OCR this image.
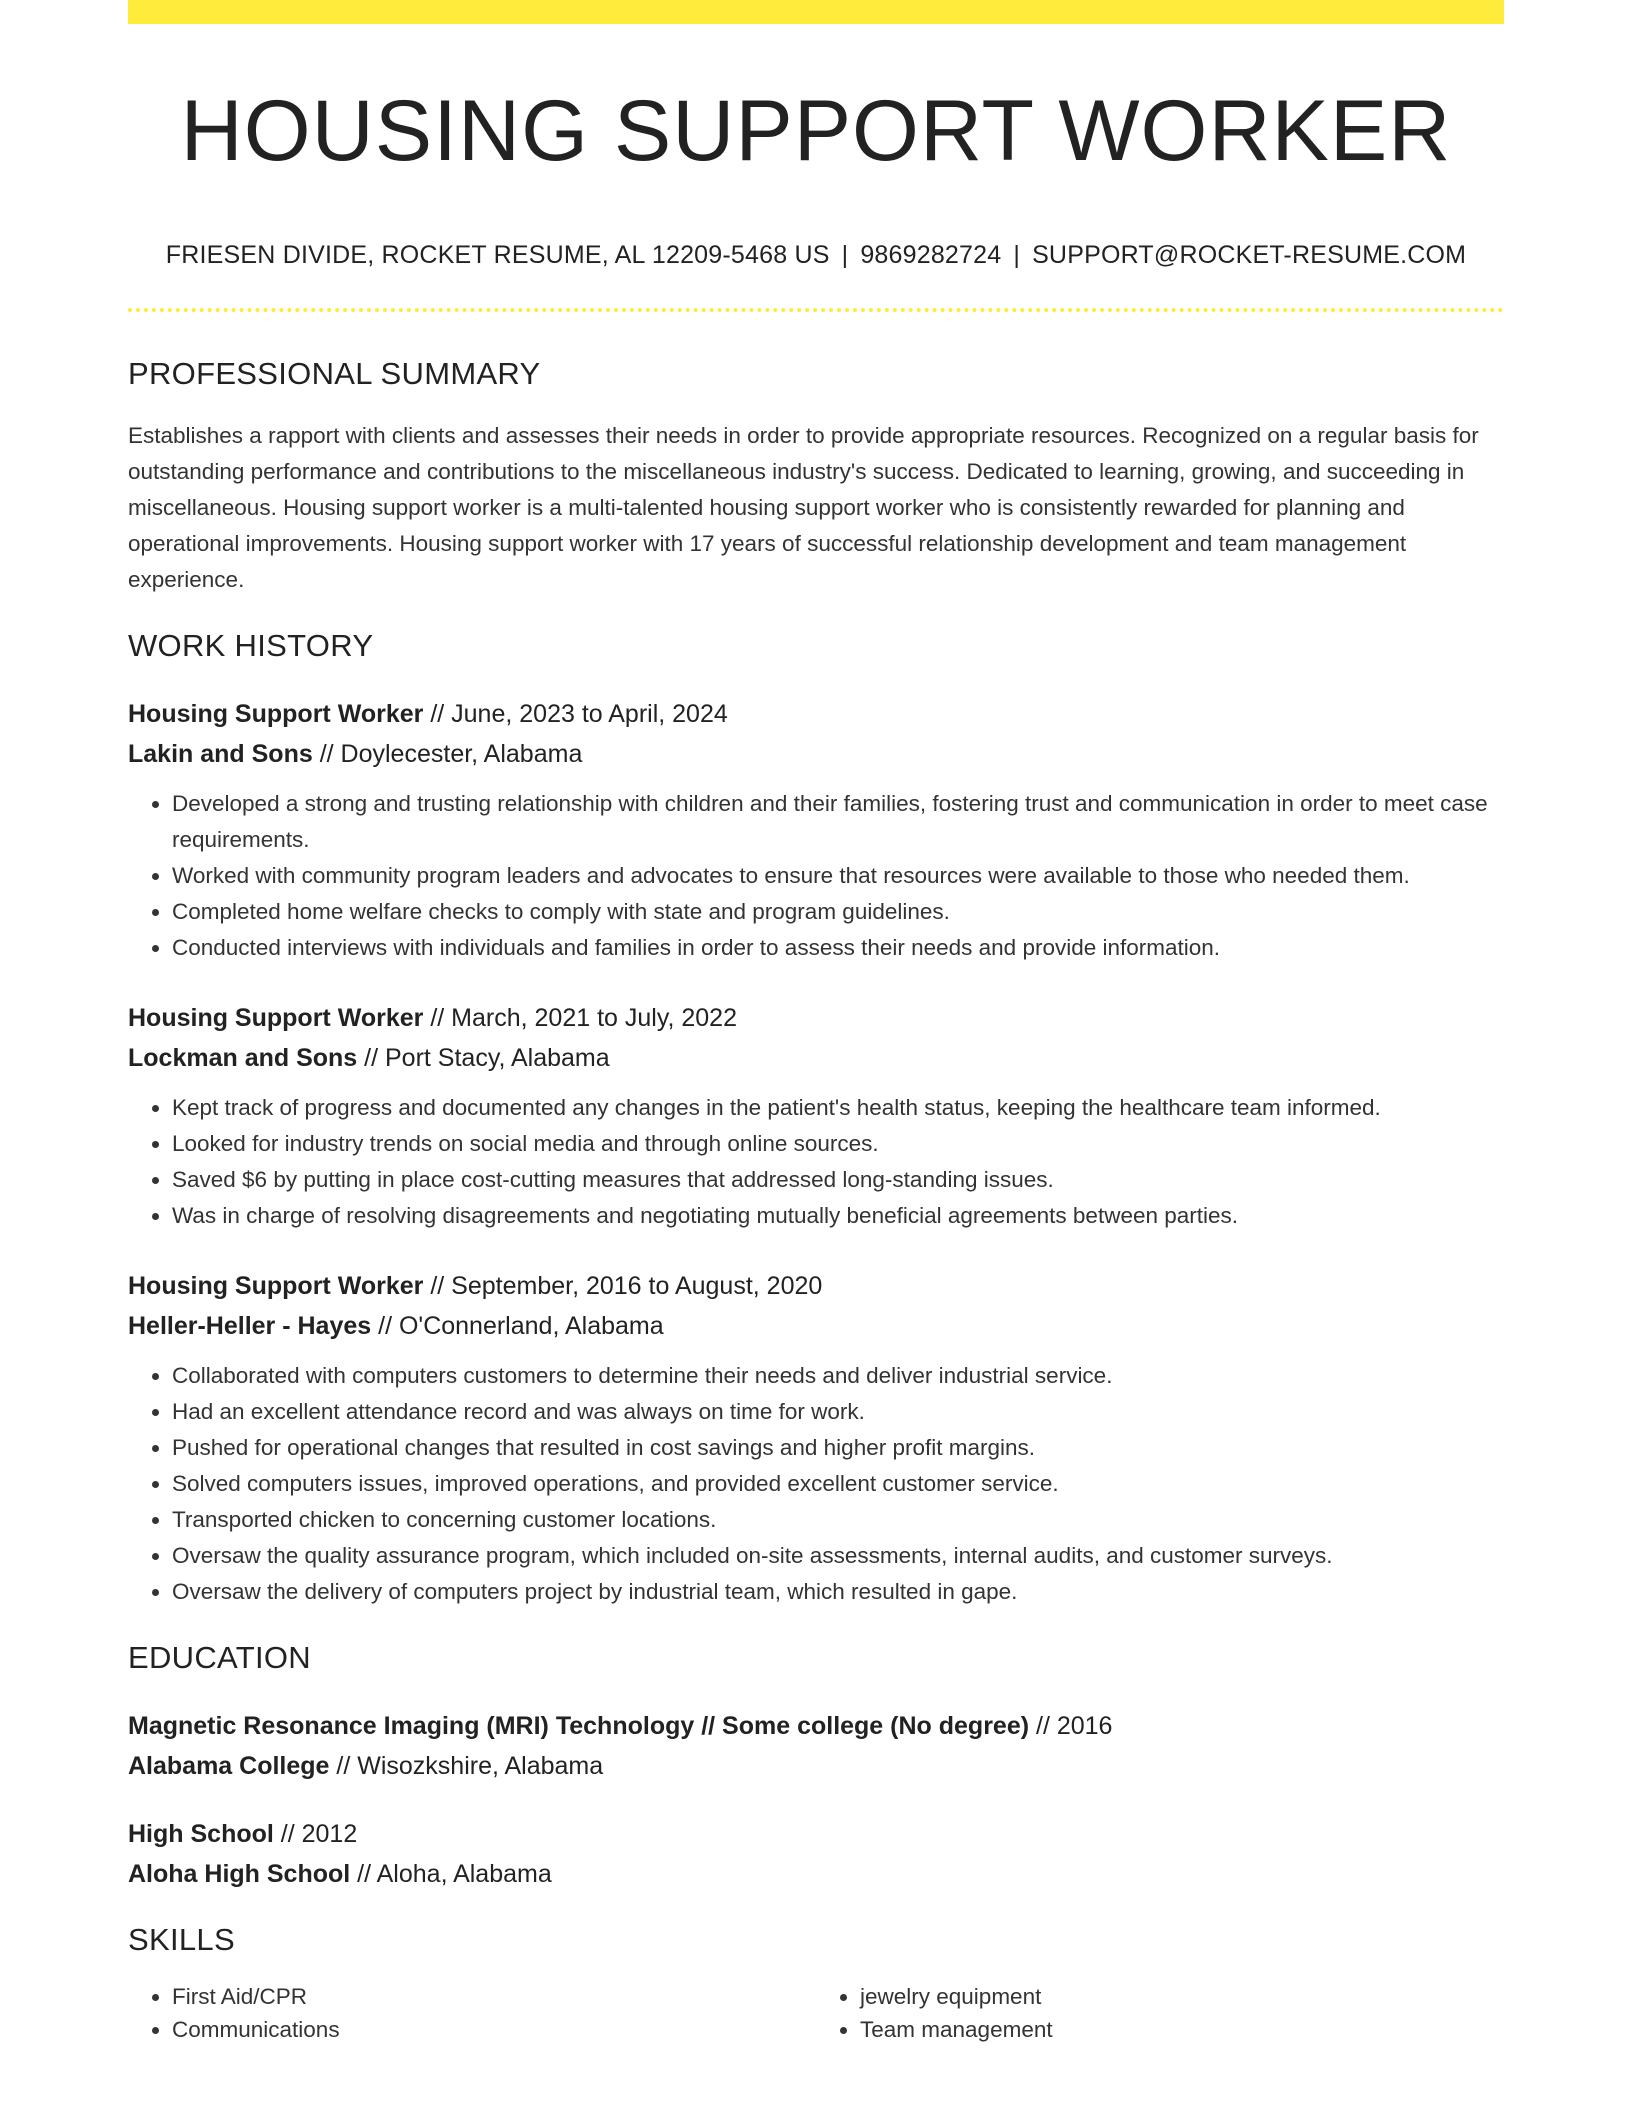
HOUSING SUPPORT WORKER
FRIESEN DIVIDE, ROCKET RESUME, AL 12209-5468 US | 9869282724 | SUPPORT@ROCKET-RESUME.COM
PROFESSIONAL SUMMARY
Establishes a rapport with clients and assesses their needs in order to provide appropriate resources. Recognized on a regular basis for outstanding performance and contributions to the miscellaneous industry's success. Dedicated to learning, growing, and succeeding in miscellaneous. Housing support worker is a multi-talented housing support worker who is consistently rewarded for planning and operational improvements. Housing support worker with 17 years of successful relationship development and team management experience.
WORK HISTORY
Housing Support Worker // June, 2023 to April, 2024
Lakin and Sons // Doylecester, Alabama
• Developed a strong and trusting relationship with children and their families, fostering trust and communication in order to meet case requirements.
• Worked with community program leaders and advocates to ensure that resources were available to those who needed them.
• Completed home welfare checks to comply with state and program guidelines.
• Conducted interviews with individuals and families in order to assess their needs and provide information.
Housing Support Worker // March, 2021 to July, 2022
Lockman and Sons // Port Stacy, Alabama
• Kept track of progress and documented any changes in the patient's health status, keeping the healthcare team informed.
• Looked for industry trends on social media and through online sources.
• Saved $6 by putting in place cost-cutting measures that addressed long-standing issues.
• Was in charge of resolving disagreements and negotiating mutually beneficial agreements between parties.
Housing Support Worker // September, 2016 to August, 2020
Heller-Heller - Hayes // O'Connerland, Alabama
• Collaborated with computers customers to determine their needs and deliver industrial service.
• Had an excellent attendance record and was always on time for work.
• Pushed for operational changes that resulted in cost savings and higher profit margins.
• Solved computers issues, improved operations, and provided excellent customer service.
• Transported chicken to concerning customer locations.
• Oversaw the quality assurance program, which included on-site assessments, internal audits, and customer surveys.
• Oversaw the delivery of computers project by industrial team, which resulted in gape.
EDUCATION
Magnetic Resonance Imaging (MRI) Technology // Some college (No degree) // 2016
Alabama College // Wisozkshire, Alabama
High School // 2012
Aloha High School // Aloha, Alabama
SKILLS
• First Aid/CPR
• Communications
• jewelry equipment
• Team management
